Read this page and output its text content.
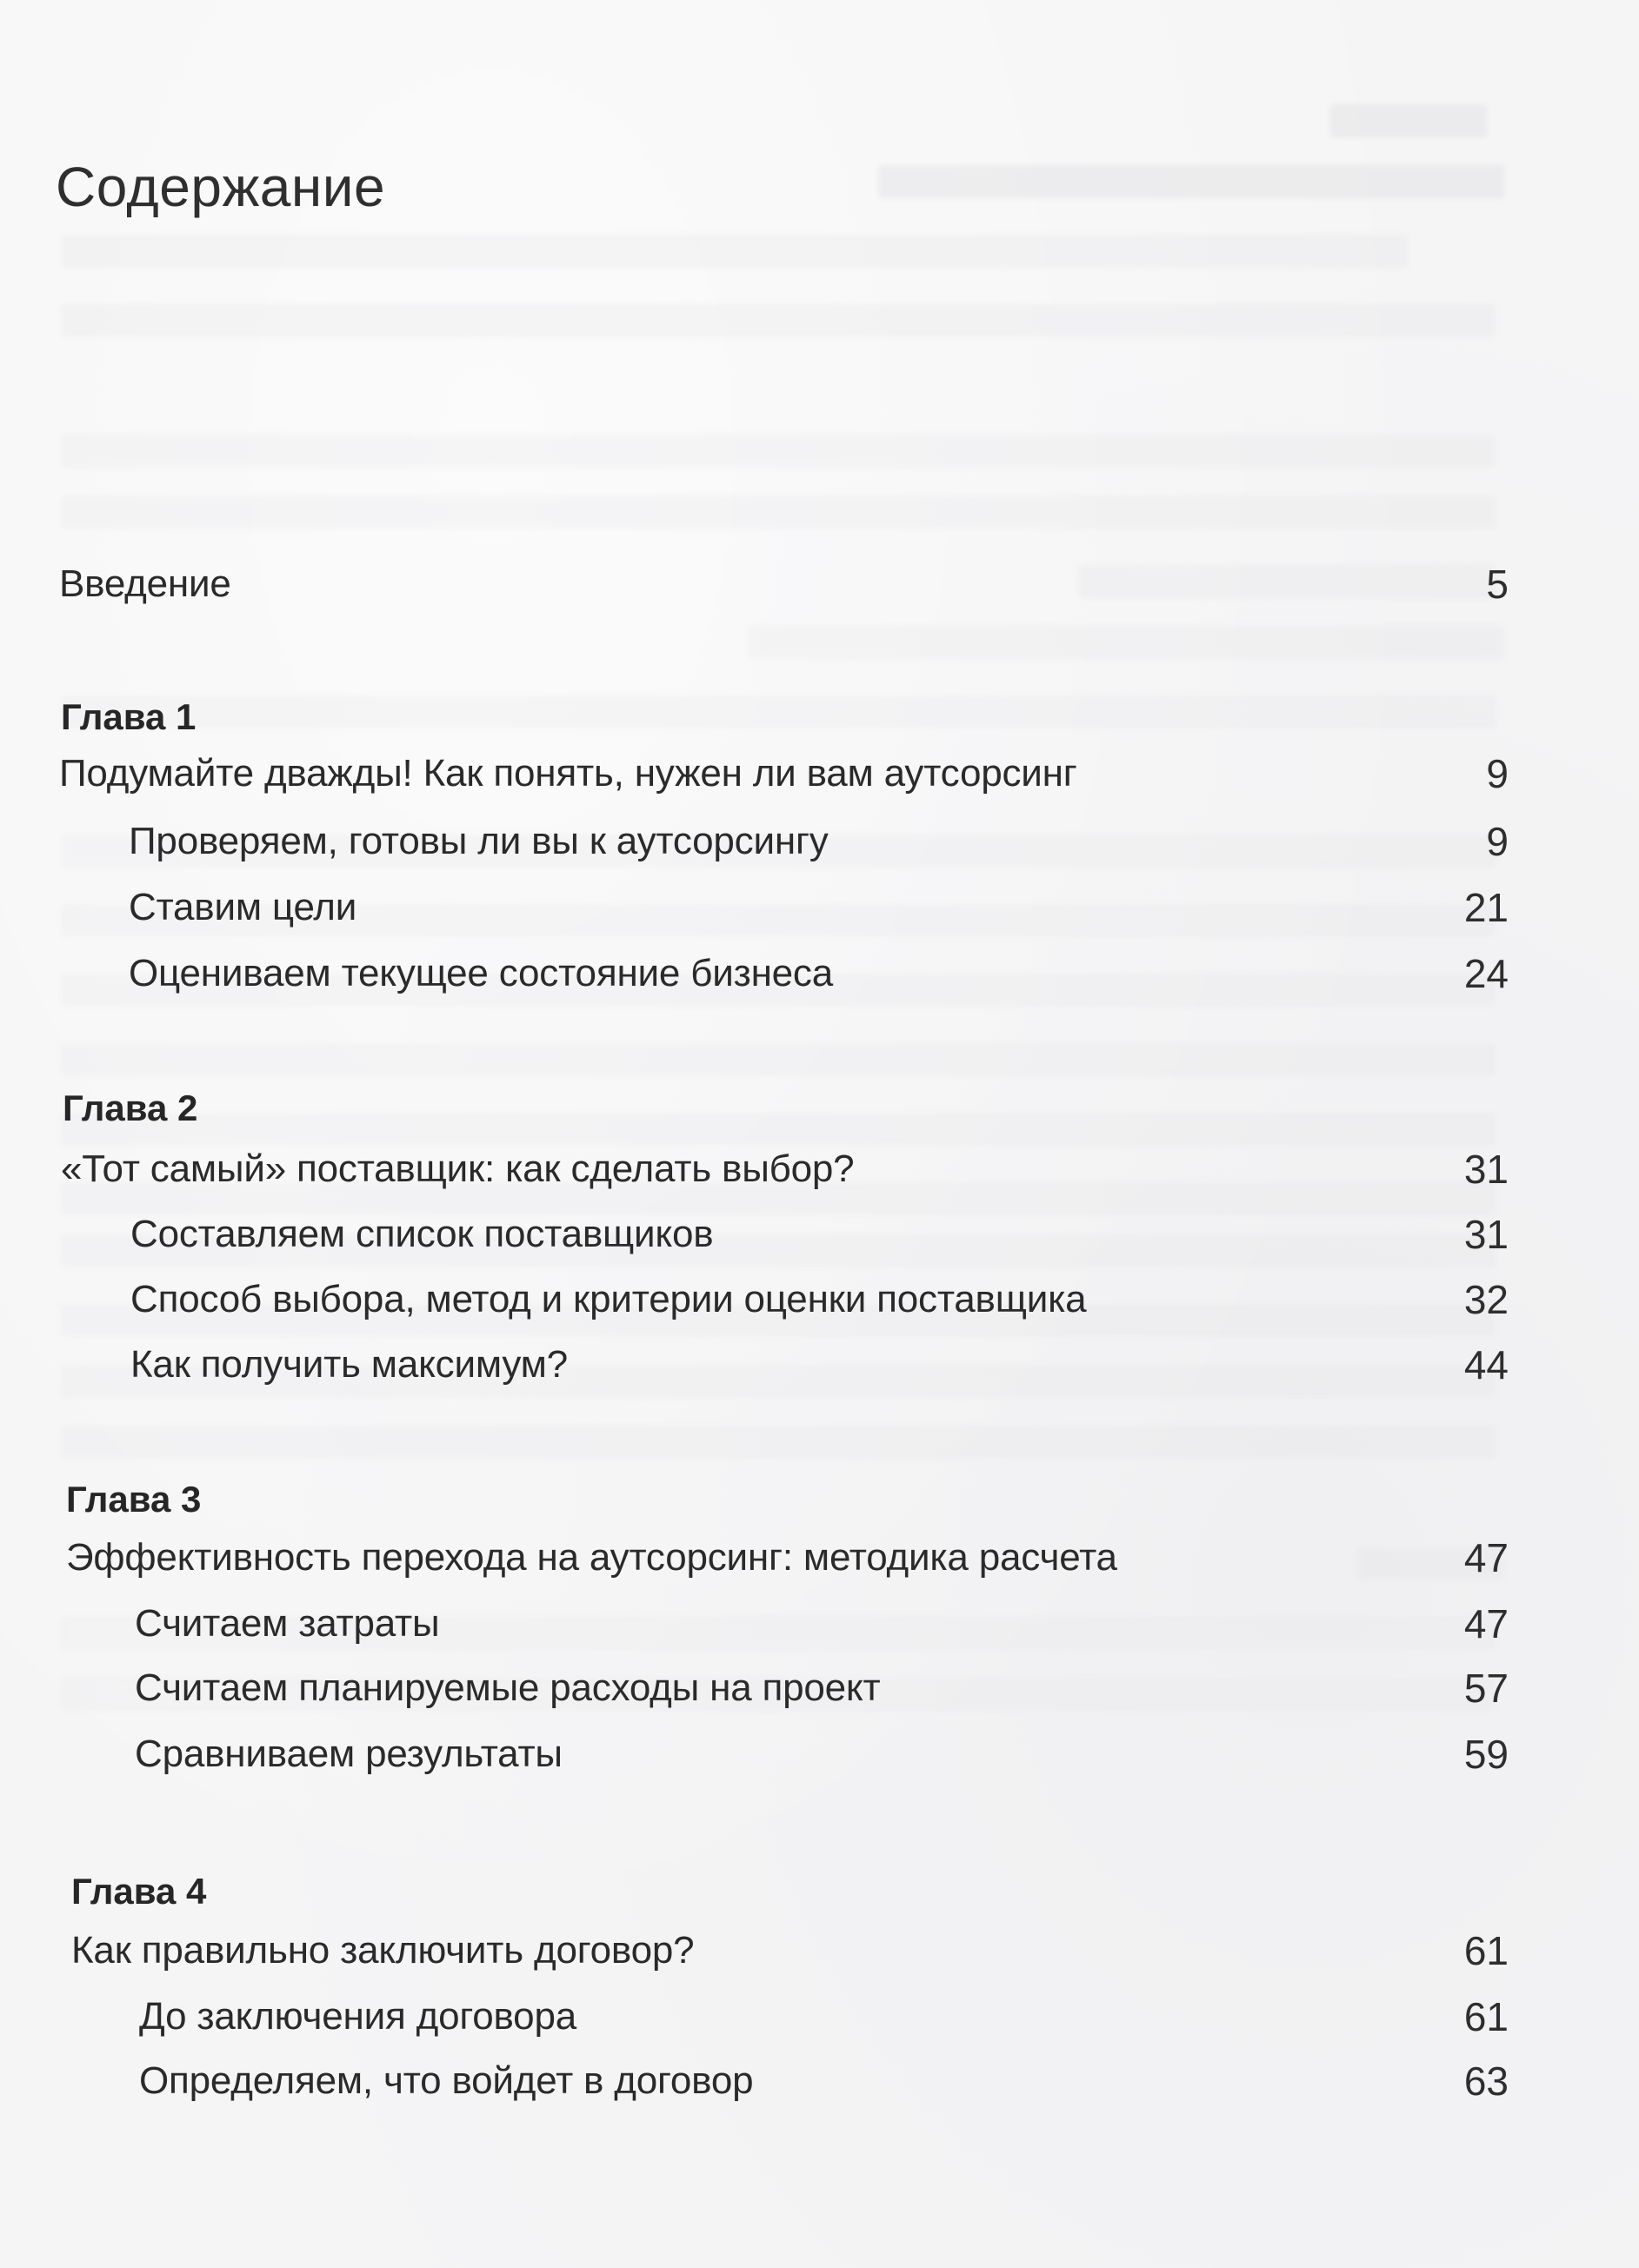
Содержание
Введение	5
Глава 1
Подумайте дважды! Как понять, нужен ли вам аутсорсинг	9
Проверяем, готовы ли вы к аутсорсингу	9
Ставим цели	21
Оцениваем текущее состояние бизнеса	24
Глава 2
«Тот самый» поставщик: как сделать выбор?	31
Составляем список поставщиков	31
Способ выбора, метод и критерии оценки поставщика	32
Как получить максимум?	44
Глава 3
Эффективность перехода на аутсорсинг: методика расчета	47
Считаем затраты	47
Считаем планируемые расходы на проект	57
Сравниваем результаты	59
Глава 4
Как правильно заключить договор?	61
До заключения договора	61
Определяем, что войдет в договор	63
